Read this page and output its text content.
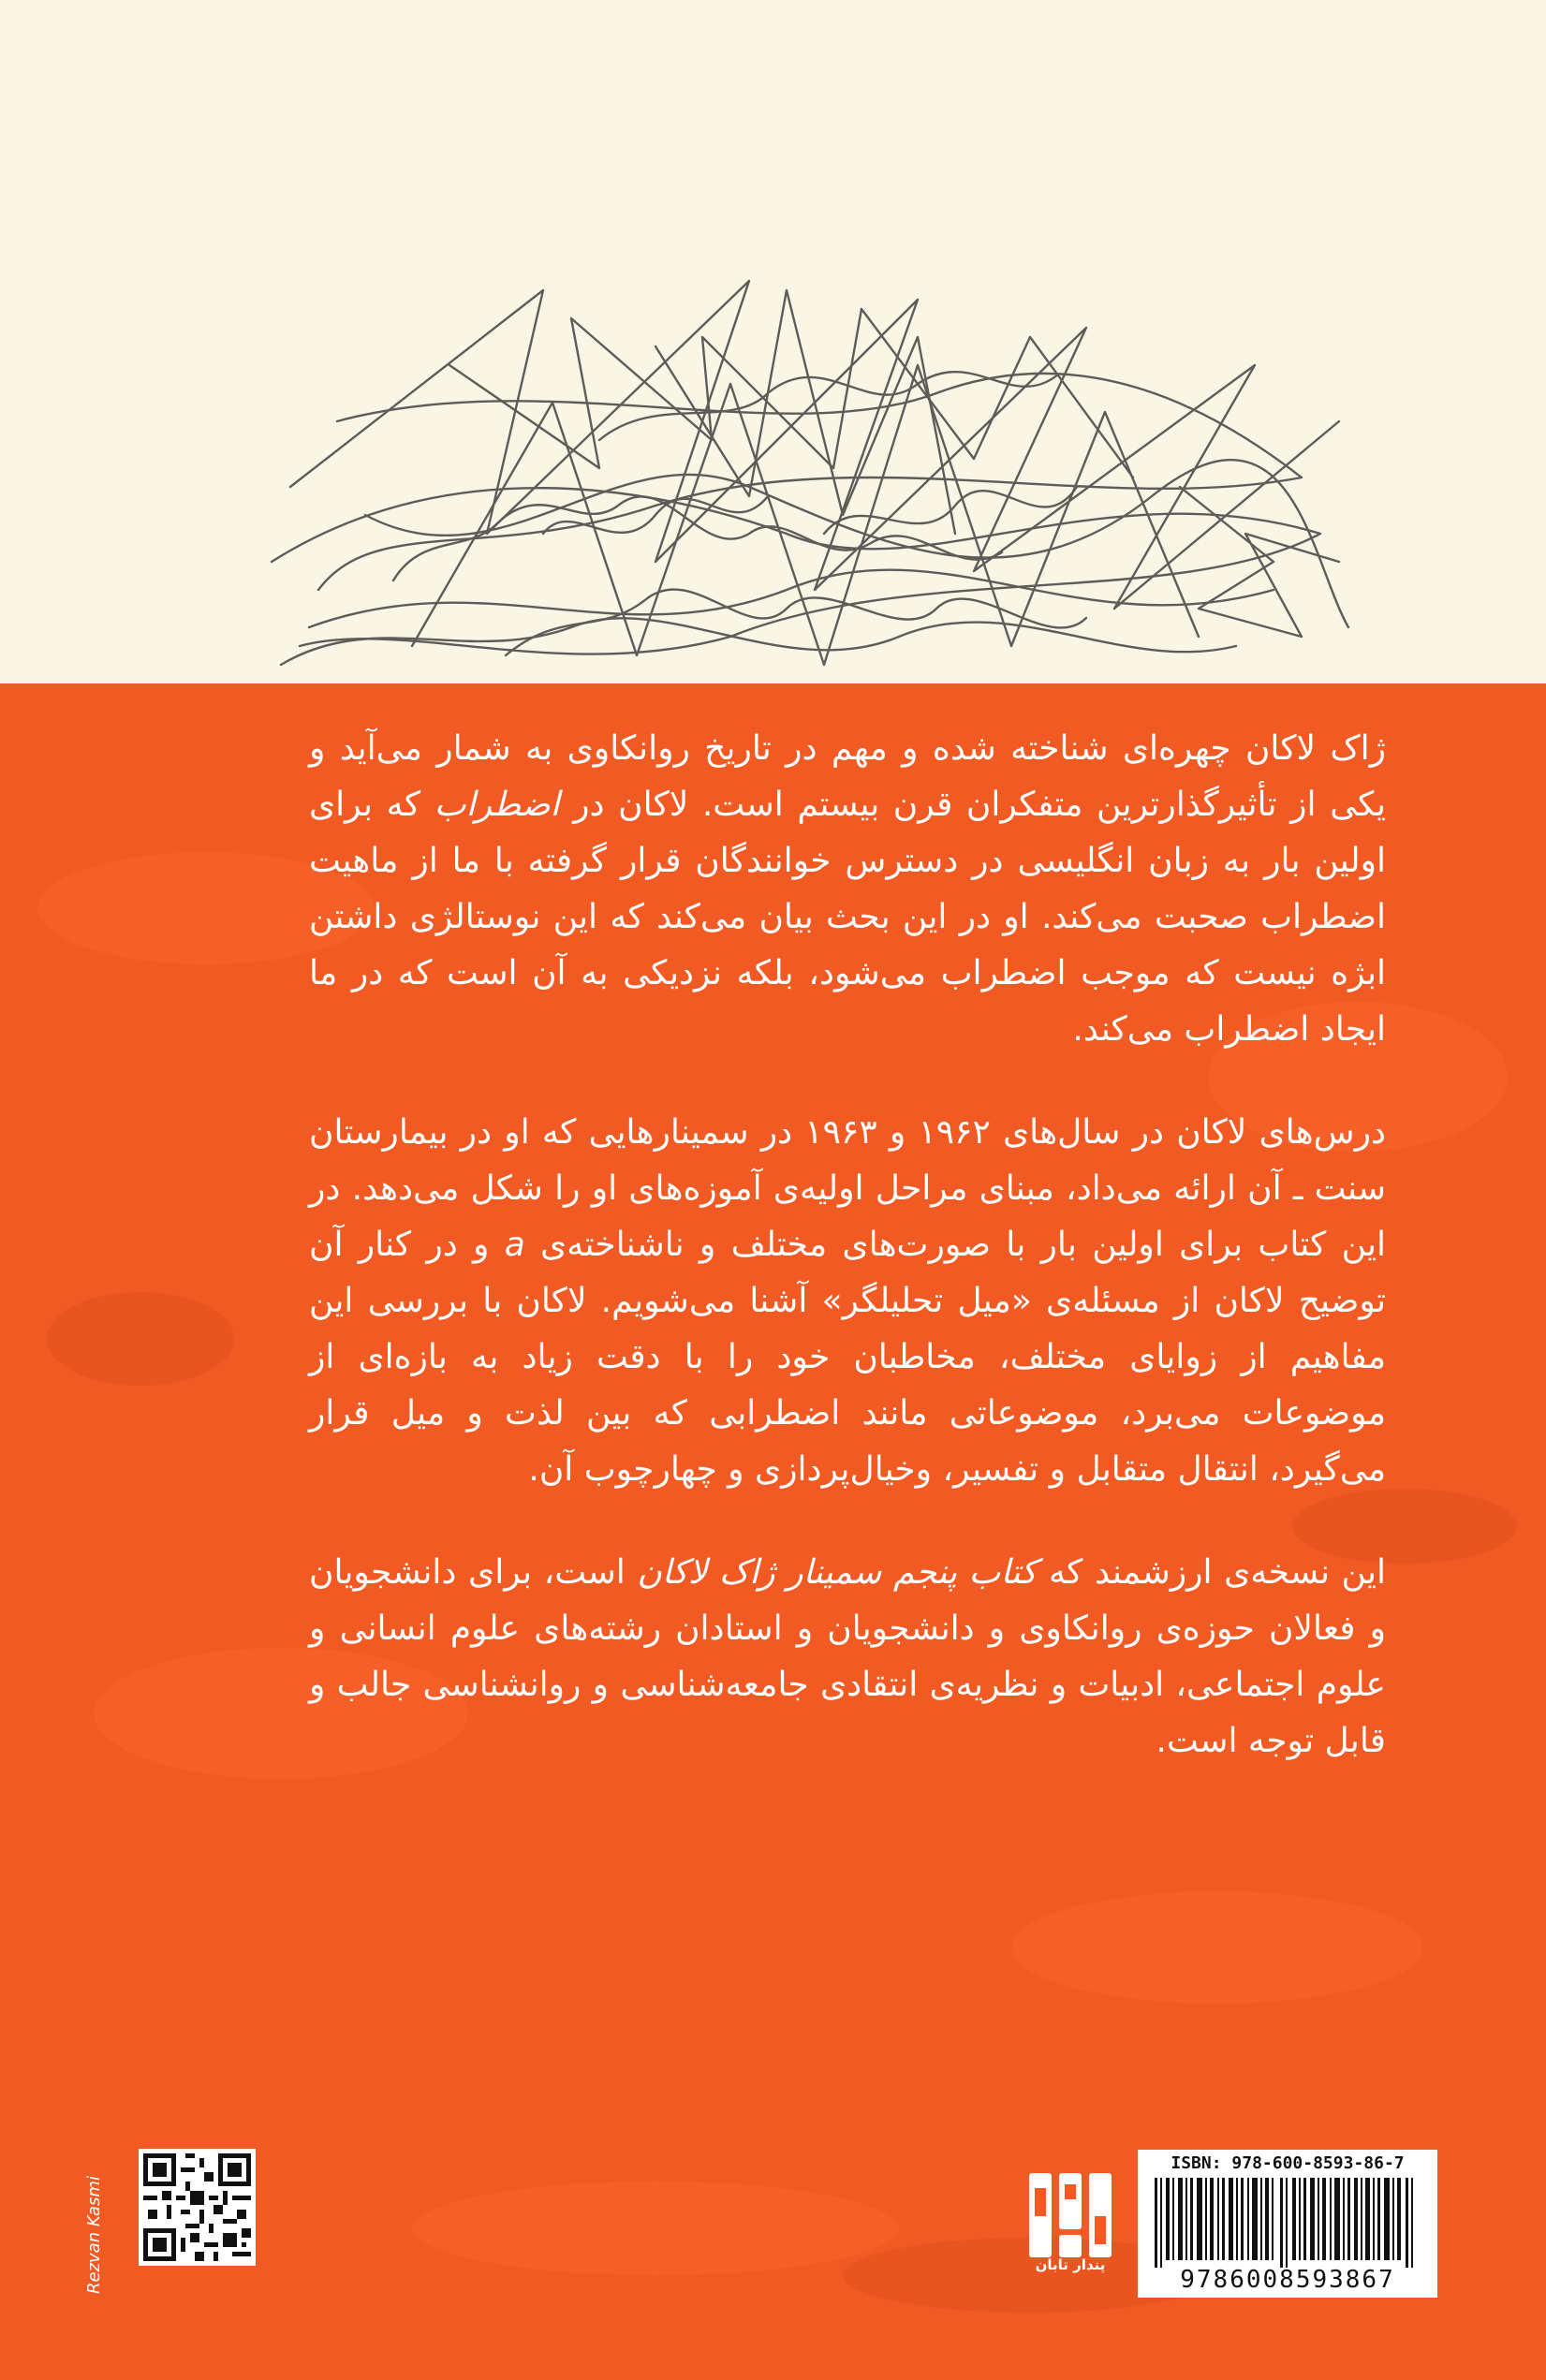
ژاک لاکان چهره‌ای شناخته شده و مهم در تاریخ روانکاوی به شمار می‌آید و یکی از تأثیرگذارترین متفکران قرن بیستم است. لاکان در اضطراب که برای اولین بار به زبان انگلیسی در دسترس خوانندگان قرار گرفته با ما از ماهیت اضطراب صحبت می‌کند. او در این بحث بیان می‌کند که این نوستالژی داشتن ابژه نیست که موجب اضطراب می‌شود، بلکه نزدیکی به آن است که در ما ایجاد اضطراب می‌کند.

درس‌های لاکان در سال‌های ۱۹۶۲ و ۱۹۶۳ در سمینارهایی که او در بیمارستان سنت ـ آن ارائه می‌داد، مبنای مراحل اولیه‌ی آموزه‌های او را شکل می‌دهد. در این کتاب برای اولین بار با صورت‌های مختلف و ناشناخته‌ی a و در کنار آن توضیح لاکان از مسئله‌ی «میل تحلیلگر» آشنا می‌شویم. لاکان با بررسی این مفاهیم از زوایای مختلف، مخاطبان خود را با دقت زیاد به بازه‌ای از موضوعات می‌برد، موضوعاتی مانند اضطرابی که بین لذت و میل قرار می‌گیرد، انتقال متقابل و تفسیر، وخیال‌پردازی و چهارچوب آن.

این نسخه‌ی ارزشمند که کتاب پنجم سمینار ژاک لاکان است، برای دانشجویان و فعالان حوزه‌ی روانکاوی و دانشجویان و استادان رشته‌های علوم انسانی و علوم اجتماعی، ادبیات و نظریه‌ی انتقادی جامعه‌شناسی و روانشناسی جالب و قابل توجه است.

Rezvan Kasmi	پندار تابان
ISBN: 978-600-8593-86-7
9786008593867
